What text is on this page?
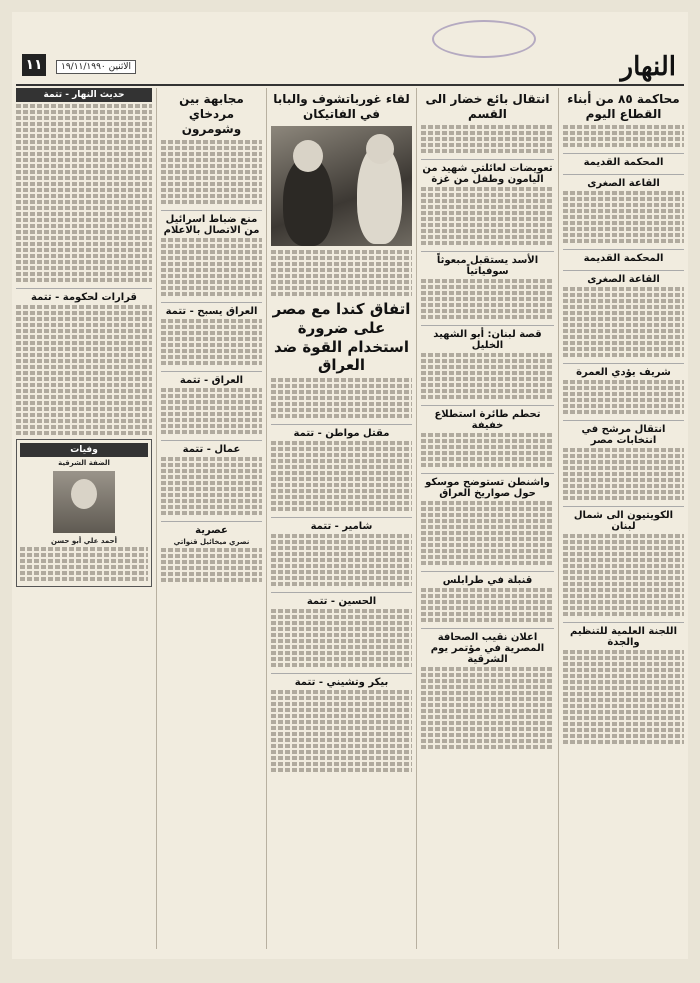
النهار
الاثنين ١٩/١١/١٩٩٠
١١
محاكمة ٨٥ من أبناء القطاع اليوم
المحكمة القديمة
القاعة الصغرى
المحكمة القديمة
القاعة الصغرى
شريف يؤدي العمرة
انتقال مرشح في انتخابات مصر
الكويتيون الى شمال لبنان
اللجنة العلمية للتنظيم والجدة
انتقال بائع خضار الى القسم
تعويضات لعائلتي شهيد من اليامون وطفل من غزة
الأسد يستقبل مبعوثاً سوفياتياً
قصة لبنان: أبو الشهيد الخليل
تحطم طائرة استطلاع خفيفة
واشنطن تستوضح موسكو حول صواريخ العراق
قنبلة في طرابلس
اعلان نقيب الصحافة المصرية في مؤتمر يوم الشرقية
لقاء غورباتشوف والبابا في الفاتيكان
اتفاق كندا مع مصر على ضرورة استخدام القوة ضد العراق
مقتل مواطن - تتمة
شامير - تتمة
الحسين - تتمة
بيكر وتشيني - تتمة
مجابهة بين مردخاي وشومرون
منع ضباط اسرائيل من الاتصال بالاعلام
العراق يسبح - تتمة
العراق - تتمة
عمال - تتمة
عصرية
نصري ميخائيل قنواتي
حديث النهار - تتمة
قرارات لحكومة - تتمة
وفيات
الضفة الشرقية
أحمد علي أبو حسن
